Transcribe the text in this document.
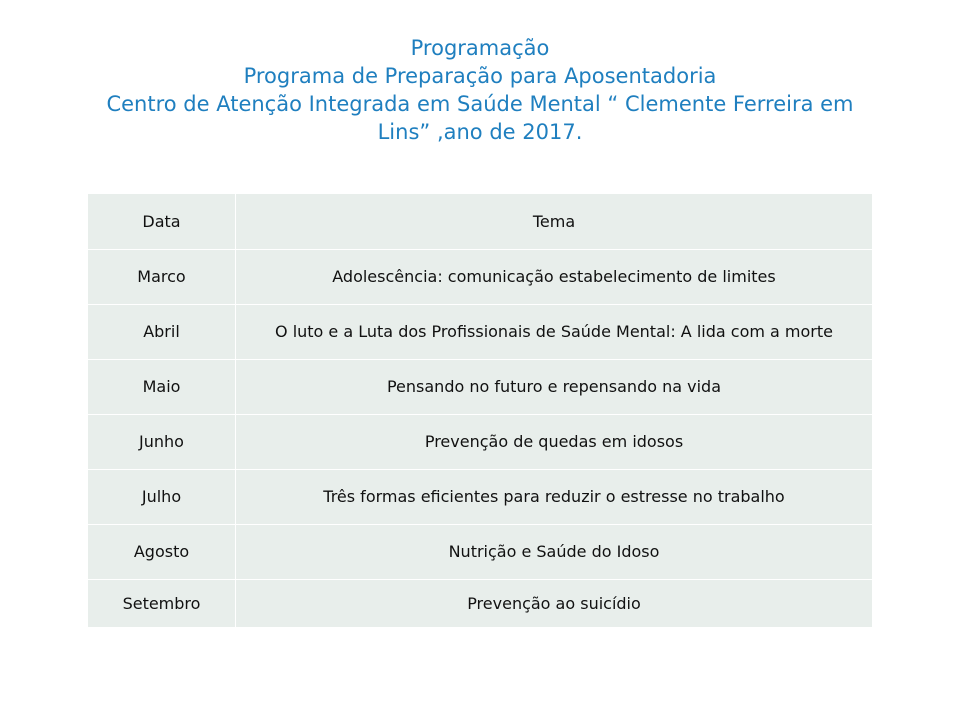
Programação
Programa de Preparação para Aposentadoria
Centro de Atenção Integrada em Saúde Mental “ Clemente Ferreira em
Lins” ,ano de 2017.
Data	Tema
Marco	Adolescência: comunicação estabelecimento de limites
Abril	O luto e a Luta dos Profissionais de Saúde Mental: A lida com a morte
Maio	Pensando no futuro e repensando na vida
Junho	Prevenção de quedas em idosos
Julho	Três formas eficientes para reduzir o estresse no trabalho
Agosto	Nutrição e Saúde do Idoso
Setembro	Prevenção ao suicídio
